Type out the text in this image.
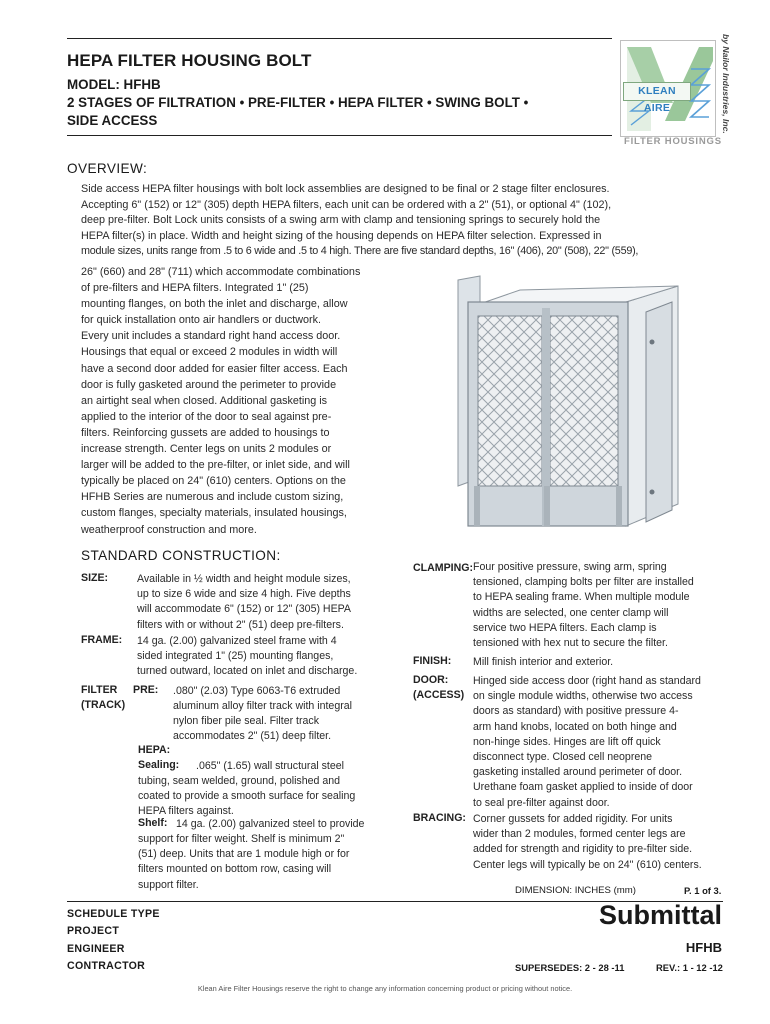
HEPA FILTER HOUSING BOLT
MODEL: HFHB
2 STAGES OF FILTRATION • PRE-FILTER • HEPA FILTER • SWING BOLT •
SIDE ACCESS
KLEAN AIRE
FILTER HOUSINGS
by Nailor Industries, Inc.
OVERVIEW:
Side access HEPA filter housings with bolt lock assemblies are designed to be final or 2 stage filter enclosures.
Accepting 6" (152) or 12" (305) depth HEPA filters, each unit can be ordered with a 2" (51), or optional 4" (102),
deep pre-filter. Bolt Lock units consists of a swing arm with clamp and tensioning springs to securely hold the
HEPA filter(s) in place. Width and height sizing of the housing depends on HEPA filter selection. Expressed in
module sizes, units range from .5 to 6 wide and .5 to 4 high. There are five standard depths, 16" (406), 20" (508), 22" (559),
26" (660) and 28" (711) which accommodate combinations
of pre-filters and HEPA filters. Integrated 1" (25)
mounting flanges, on both the inlet and discharge, allow
for quick installation onto air handlers or ductwork.
Every unit includes a standard right hand access door.
Housings that equal or exceed 2 modules in width will
have a second door added for easier filter access. Each
door is fully gasketed around the perimeter to provide
an airtight seal when closed. Additional gasketing is
applied to the interior of the door to seal against pre-
filters. Reinforcing gussets are added to housings to
increase strength. Center legs on units 2 modules or
larger will be added to the pre-filter, or inlet side, and will
typically be placed on 24" (610) centers. Options on the
HFHB Series are numerous and include custom sizing,
custom flanges, specialty materials, insulated housings,
weatherproof construction and more.
STANDARD CONSTRUCTION:
SIZE:	Available in ½ width and height module sizes,
up to size 6 wide and size 4 high. Five depths
will accommodate 6" (152) or 12" (305) HEPA
filters with or without 2" (51) deep pre-filters.
FRAME: 14 ga. (2.00) galvanized steel frame with 4
sided integrated 1" (25) mounting flanges,
turned outward, located on inlet and discharge.
FILTER
(TRACK)
PRE: .080" (2.03) Type 6063-T6 extruded
aluminum alloy filter track with integral
nylon fiber pile seal. Filter track
accommodates 2" (51) deep filter.
HEPA:
Sealing: .065" (1.65) wall structural steel
tubing, seam welded, ground, polished and
coated to provide a smooth surface for sealing
HEPA filters against.
Shelf: 14 ga. (2.00) galvanized steel to provide
support for filter weight. Shelf is minimum 2"
(51) deep. Units that are 1 module high or for
filters mounted on bottom row, casing will
support filter.
CLAMPING: Four positive pressure, swing arm, spring
tensioned, clamping bolts per filter are installed
to HEPA sealing frame. When multiple module
widths are selected, one center clamp will
service two HEPA filters. Each clamp is
tensioned with hex nut to secure the filter.
FINISH: Mill finish interior and exterior.
DOOR:
(ACCESS)
Hinged side access door (right hand as standard
on single module widths, otherwise two access
doors as standard) with positive pressure 4-
arm hand knobs, located on both hinge and
non-hinge sides. Hinges are lift off quick
disconnect type. Closed cell neoprene
gasketing installed around perimeter of door.
Urethane foam gasket applied to inside of door
to seal pre-filter against door.
BRACING: Corner gussets for added rigidity. For units
wider than 2 modules, formed center legs are
added for strength and rigidity to pre-filter side.
Center legs will typically be on 24" (610) centers.
DIMENSION: INCHES (mm)	P. 1 of 3.
SCHEDULE TYPE
PROJECT
ENGINEER
CONTRACTOR
Submittal
HFHB
SUPERSEDES: 2 - 28 -11	REV.: 1 - 12 -12
Klean Aire Filter Housings reserve the right to change any information concerning product or pricing without notice.
